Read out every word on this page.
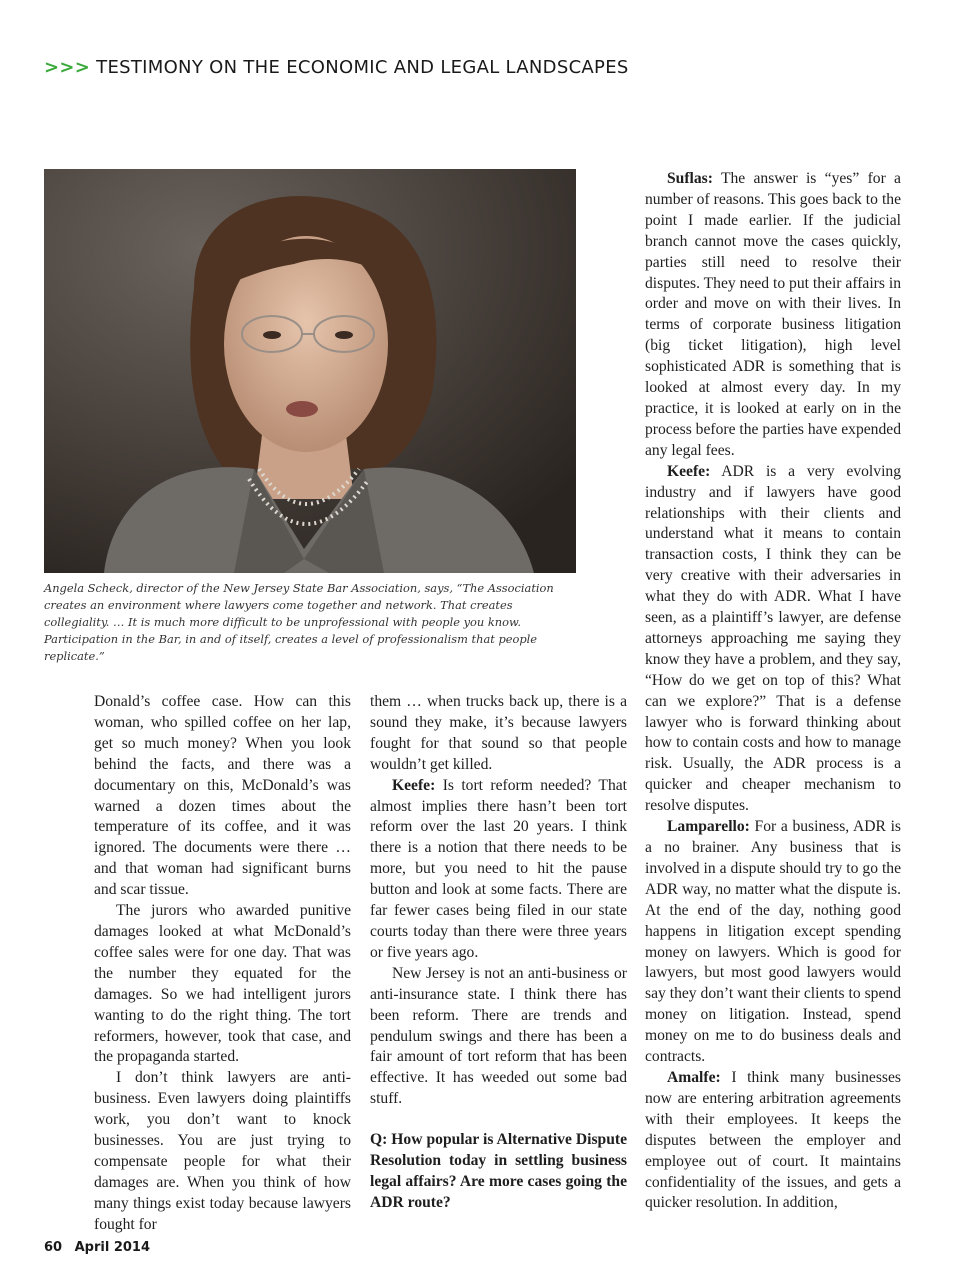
>>> TESTIMONY ON THE ECONOMIC AND LEGAL LANDSCAPES
Angela Scheck, director of the New Jersey State Bar Association, says, “The Association creates an environment where lawyers come together and network. That creates collegiality. … It is much more difficult to be unprofessional with people you know. Participation in the Bar, in and of itself, creates a level of professionalism that people replicate.”

Donald’s coffee case. How can this woman, who spilled coffee on her lap, get so much money? When you look behind the facts, and there was a documentary on this, McDonald’s was warned a dozen times about the temperature of its coffee, and it was ignored. The documents were there … and that woman had significant burns and scar tissue.

The jurors who awarded punitive damages looked at what McDonald’s coffee sales were for one day. That was the number they equated for the damages. So we had intelligent jurors wanting to do the right thing. The tort reformers, however, took that case, and the propaganda started.

I don’t think lawyers are anti-business. Even lawyers doing plaintiffs work, you don’t want to knock businesses. You are just trying to compensate people for what their damages are. When you think of how many things exist today because lawyers fought for

them … when trucks back up, there is a sound they make, it’s because lawyers fought for that sound so that people wouldn’t get killed.

Keefe: Is tort reform needed? That almost implies there hasn’t been tort reform over the last 20 years. I think there is a notion that there needs to be more, but you need to hit the pause button and look at some facts. There are far fewer cases being filed in our state courts today than there were three years or five years ago.

New Jersey is not an anti-business or anti-insurance state. I think there has been reform. There are trends and pendulum swings and there has been a fair amount of tort reform that has been effective. It has weeded out some bad stuff.

Q: How popular is Alternative Dispute Resolution today in settling business legal affairs? Are more cases going the ADR route?

Suflas: The answer is “yes” for a number of reasons. This goes back to the point I made earlier. If the judicial branch cannot move the cases quickly, parties still need to resolve their disputes. They need to put their affairs in order and move on with their lives. In terms of corporate business litigation (big ticket litigation), high level sophisticated ADR is something that is looked at almost every day. In my practice, it is looked at early on in the process before the parties have expended any legal fees.

Keefe: ADR is a very evolving industry and if lawyers have good relationships with their clients and understand what it means to contain transaction costs, I think they can be very creative with their adversaries in what they do with ADR. What I have seen, as a plaintiff’s lawyer, are defense attorneys approaching me saying they know they have a problem, and they say, “How do we get on top of this? What can we explore?” That is a defense lawyer who is forward thinking about how to contain costs and how to manage risk. Usually, the ADR process is a quicker and cheaper mechanism to resolve disputes.

Lamparello: For a business, ADR is a no brainer. Any business that is involved in a dispute should try to go the ADR way, no matter what the dispute is. At the end of the day, nothing good happens in litigation except spending money on lawyers. Which is good for lawyers, but most good lawyers would say they don’t want their clients to spend money on litigation. Instead, spend money on me to do business deals and contracts.

Amalfe: I think many businesses now are entering arbitration agreements with their employees. It keeps the disputes between the employer and employee out of court. It maintains confidentiality of the issues, and gets a quicker resolution. In addition,

60 April 2014
